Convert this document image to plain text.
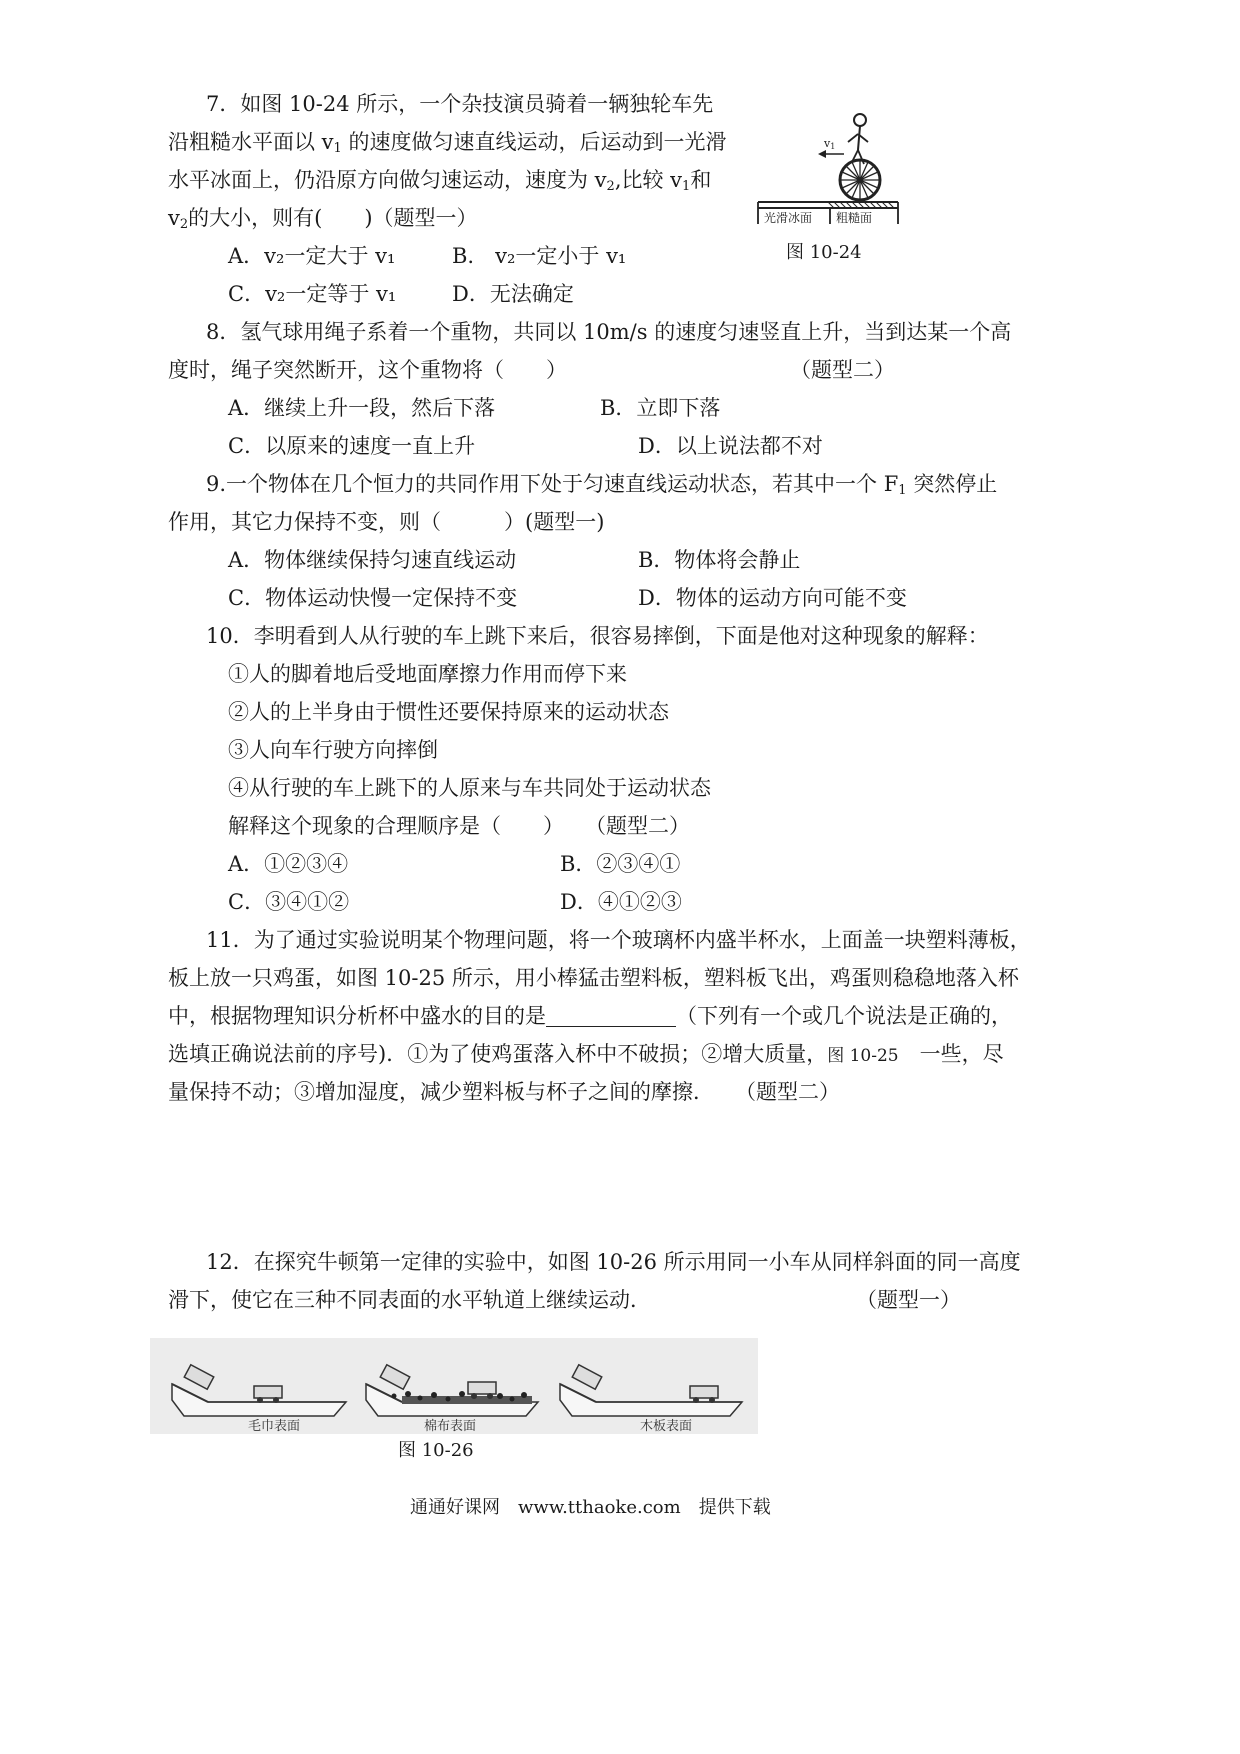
7．如图 10-24 所示，一个杂技演员骑着一辆独轮车先
沿粗糙水平面以 $v_1$ 的速度做匀速直线运动，后运动到一光滑
水平冰面上，仍沿原方向做匀速运动，速度为 $v_2$,比较 $v_1$和
$v_2$的大小，则有(　　)（题型一）
A．v₂一定大于 v₁	B.　v₂一定小于 v₁
C．v₂一定等于 v₁	D．无法确定
v1
光滑冰面 粗糙面
图 10-24
8．氢气球用绳子系着一个重物，共同以 10m/s 的速度匀速竖直上升，当到达某一个高
度时，绳子突然断开，这个重物将（　　）	（题型二）
A．继续上升一段，然后下落	B．立即下落
C．以原来的速度一直上升	D．以上说法都不对
9.一个物体在几个恒力的共同作用下处于匀速直线运动状态，若其中一个 $F_1$ 突然停止
作用，其它力保持不变，则（　　　）(题型一)
A．物体继续保持匀速直线运动	B．物体将会静止
C．物体运动快慢一定保持不变	D．物体的运动方向可能不变
10．李明看到人从行驶的车上跳下来后，很容易摔倒，下面是他对这种现象的解释：
①人的脚着地后受地面摩擦力作用而停下来
②人的上半身由于惯性还要保持原来的运动状态
③人向车行驶方向摔倒
④从行驶的车上跳下的人原来与车共同处于运动状态
解释这个现象的合理顺序是（　　）　　（题型二）
A．①②③④	B．②③④①
C．③④①②	D．④①②③
11．为了通过实验说明某个物理问题，将一个玻璃杯内盛半杯水，上面盖一块塑料薄板，
板上放一只鸡蛋，如图 10-25 所示，用小棒猛击塑料板，塑料板飞出，鸡蛋则稳稳地落入杯
中，根据物理知识分析杯中盛水的目的是	（下列有一个或几个说法是正确的，
选填正确说法前的序号)．①为了使鸡蛋落入杯中不破损；②增大质量，图 10-25　 一些，尽
量保持不动；③增加湿度，减少塑料板与杯子之间的摩擦．　　（题型二）
12．在探究牛顿第一定律的实验中，如图 10-26 所示用同一小车从同样斜面的同一高度
滑下，使它在三种不同表面的水平轨道上继续运动．	（题型一）
毛巾表面	棉布表面	木板表面
图 10-26
通通好课网　www.tthaoke.com　提供下载
